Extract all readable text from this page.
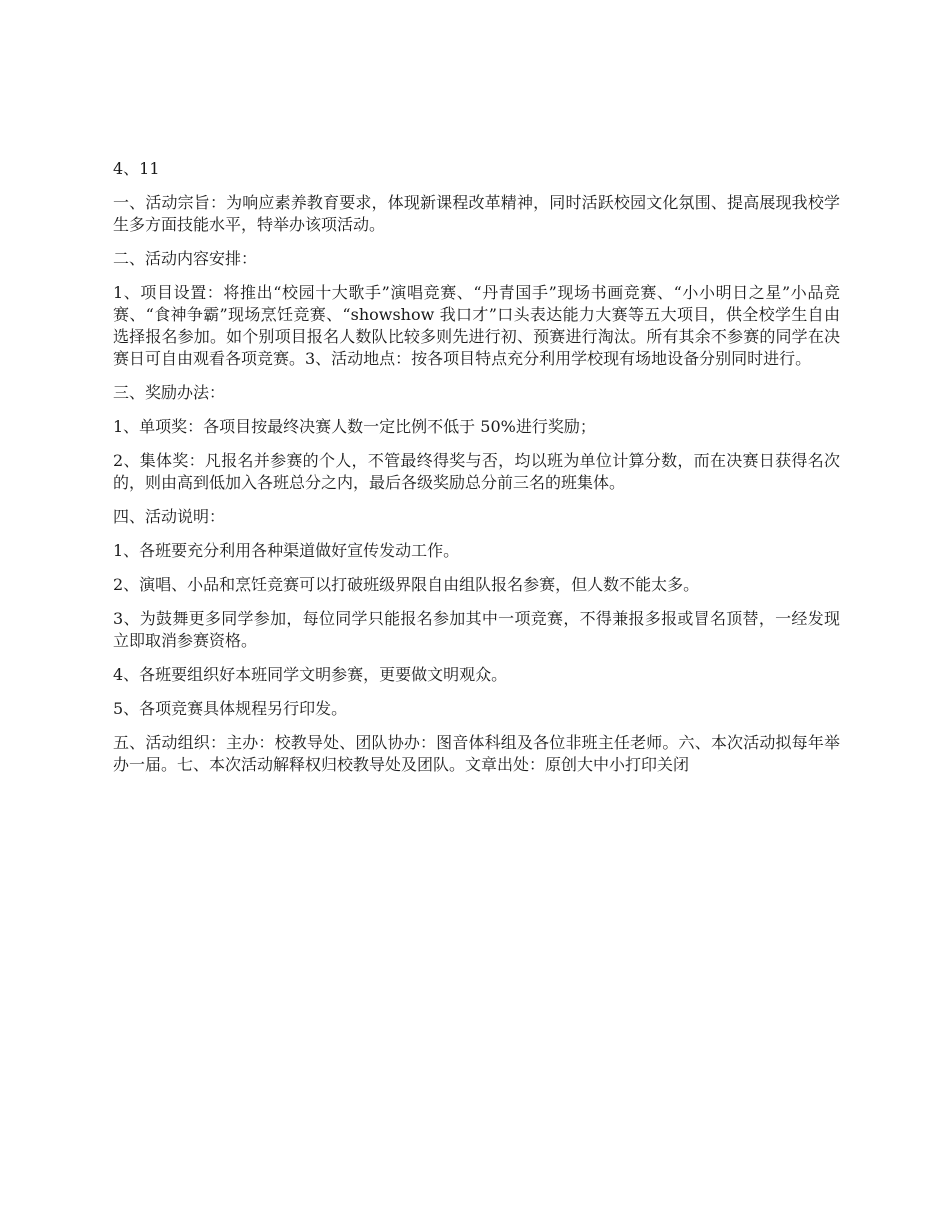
4、11

一、活动宗旨：为响应素养教育要求，体现新课程改革精神，同时活跃校园文化氛围、提高展现我校学生多方面技能水平，特举办该项活动。

二、活动内容安排：

1、项目设置：将推出“校园十大歌手”演唱竞赛、“丹青国手”现场书画竞赛、“小小明日之星”小品竞赛、“食神争霸”现场烹饪竞赛、“showshow 我口才”口头表达能力大赛等五大项目，供全校学生自由选择报名参加。如个别项目报名人数队比较多则先进行初、预赛进行淘汰。所有其余不参赛的同学在决赛日可自由观看各项竞赛。3、活动地点：按各项目特点充分利用学校现有场地设备分别同时进行。

三、奖励办法：

1、单项奖：各项目按最终决赛人数一定比例不低于 50%进行奖励；

2、集体奖：凡报名并参赛的个人，不管最终得奖与否，均以班为单位计算分数，而在决赛日获得名次的，则由高到低加入各班总分之内，最后各级奖励总分前三名的班集体。

四、活动说明：

1、各班要充分利用各种渠道做好宣传发动工作。

2、演唱、小品和烹饪竞赛可以打破班级界限自由组队报名参赛，但人数不能太多。

3、为鼓舞更多同学参加，每位同学只能报名参加其中一项竞赛，不得兼报多报或冒名顶替，一经发现立即取消参赛资格。

4、各班要组织好本班同学文明参赛，更要做文明观众。

5、各项竞赛具体规程另行印发。

五、活动组织：主办：校教导处、团队协办：图音体科组及各位非班主任老师。六、本次活动拟每年举办一届。七、本次活动解释权归校教导处及团队。文章出处：原创大中小打印关闭
